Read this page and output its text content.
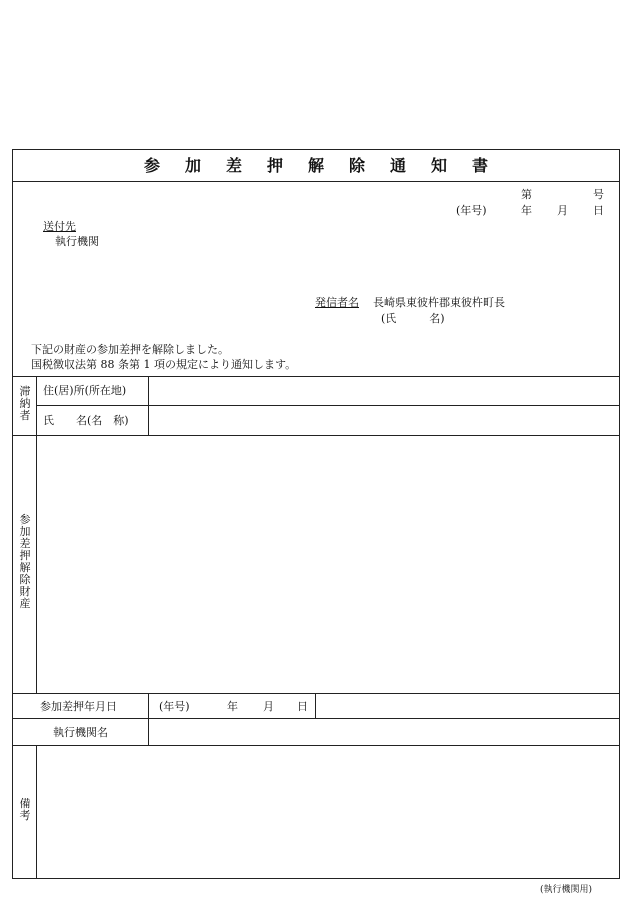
参加差押解除通知書
第	号
(年号)	年 月 日
送付先
執行機関
発信者名 長崎県東彼杵郡東彼杵町長
(氏　　　名)
下記の財産の参加差押を解除しました。
国税徴収法第 88 条第 1 項の規定により通知します。
滞
納
者
住(居)所(所在地)
氏　　名(名　称)
参
加
差
押
解
除
財
産
参加差押年月日	(年号)	年 月 日
執行機関名
備
考
(執行機関用)
